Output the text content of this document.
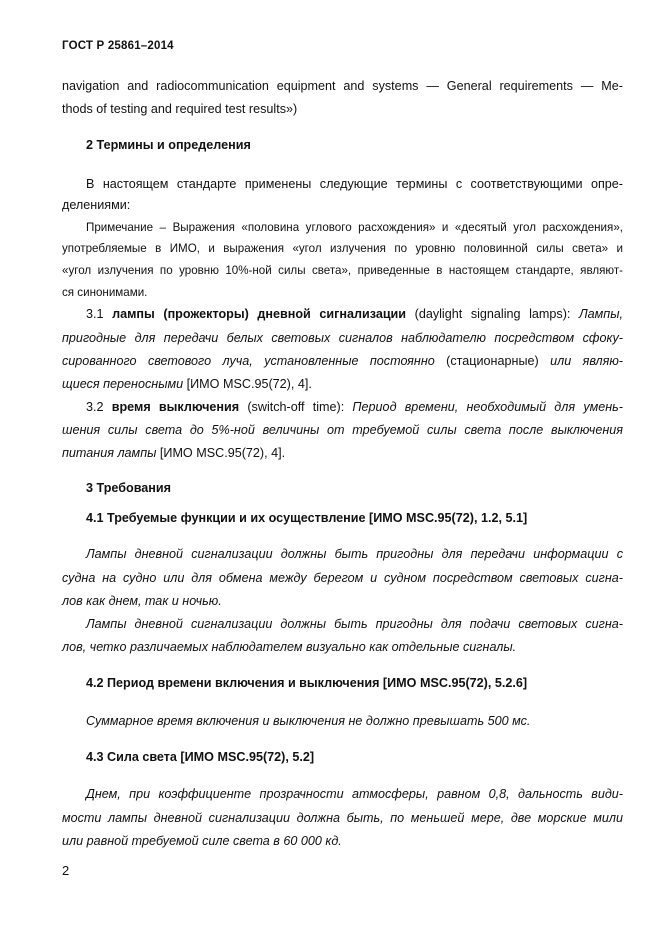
ГОСТ Р 25861–2014
navigation and radiocommunication equipment and systems — General requirements — Me-
thods of testing and required test results»)
2 Термины и определения
В настоящем стандарте применены следующие термины с соответствующими опре-
делениями:
Примечание – Выражения «половина углового расхождения» и «десятый угол расхождения»,
употребляемые в ИМО, и выражения «угол излучения по уровню половинной силы света» и
«угол излучения по уровню 10%-ной силы света», приведенные в настоящем стандарте, являют-
ся синонимами.
3.1 лампы (прожекторы) дневной сигнализации (daylight signaling lamps): Лампы,
пригодные для передачи белых световых сигналов наблюдателю посредством сфоку-
сированного светового луча, установленные постоянно (стационарные) или являю-
щиеся переносными [ИМО MSC.95(72), 4].
3.2 время выключения (switch-off time): Период времени, необходимый для умень-
шения силы света до 5%-ной величины от требуемой силы света после выключения
питания лампы [ИМО MSC.95(72), 4].
3 Требования
4.1 Требуемые функции и их осуществление [ИМО MSC.95(72), 1.2, 5.1]
Лампы дневной сигнализации должны быть пригодны для передачи информации с
судна на судно или для обмена между берегом и судном посредством световых сигна-
лов как днем, так и ночью.
Лампы дневной сигнализации должны быть пригодны для подачи световых сигна-
лов, четко различаемых наблюдателем визуально как отдельные сигналы.
4.2 Период времени включения и выключения [ИМО MSC.95(72), 5.2.6]
Суммарное время включения и выключения не должно превышать 500 мс.
4.3 Сила света [ИМО MSC.95(72), 5.2]
Днем, при коэффициенте прозрачности атмосферы, равном 0,8, дальность види-
мости лампы дневной сигнализации должна быть, по меньшей мере, две морские мили
или равной требуемой силе света в 60 000 кд.
2
